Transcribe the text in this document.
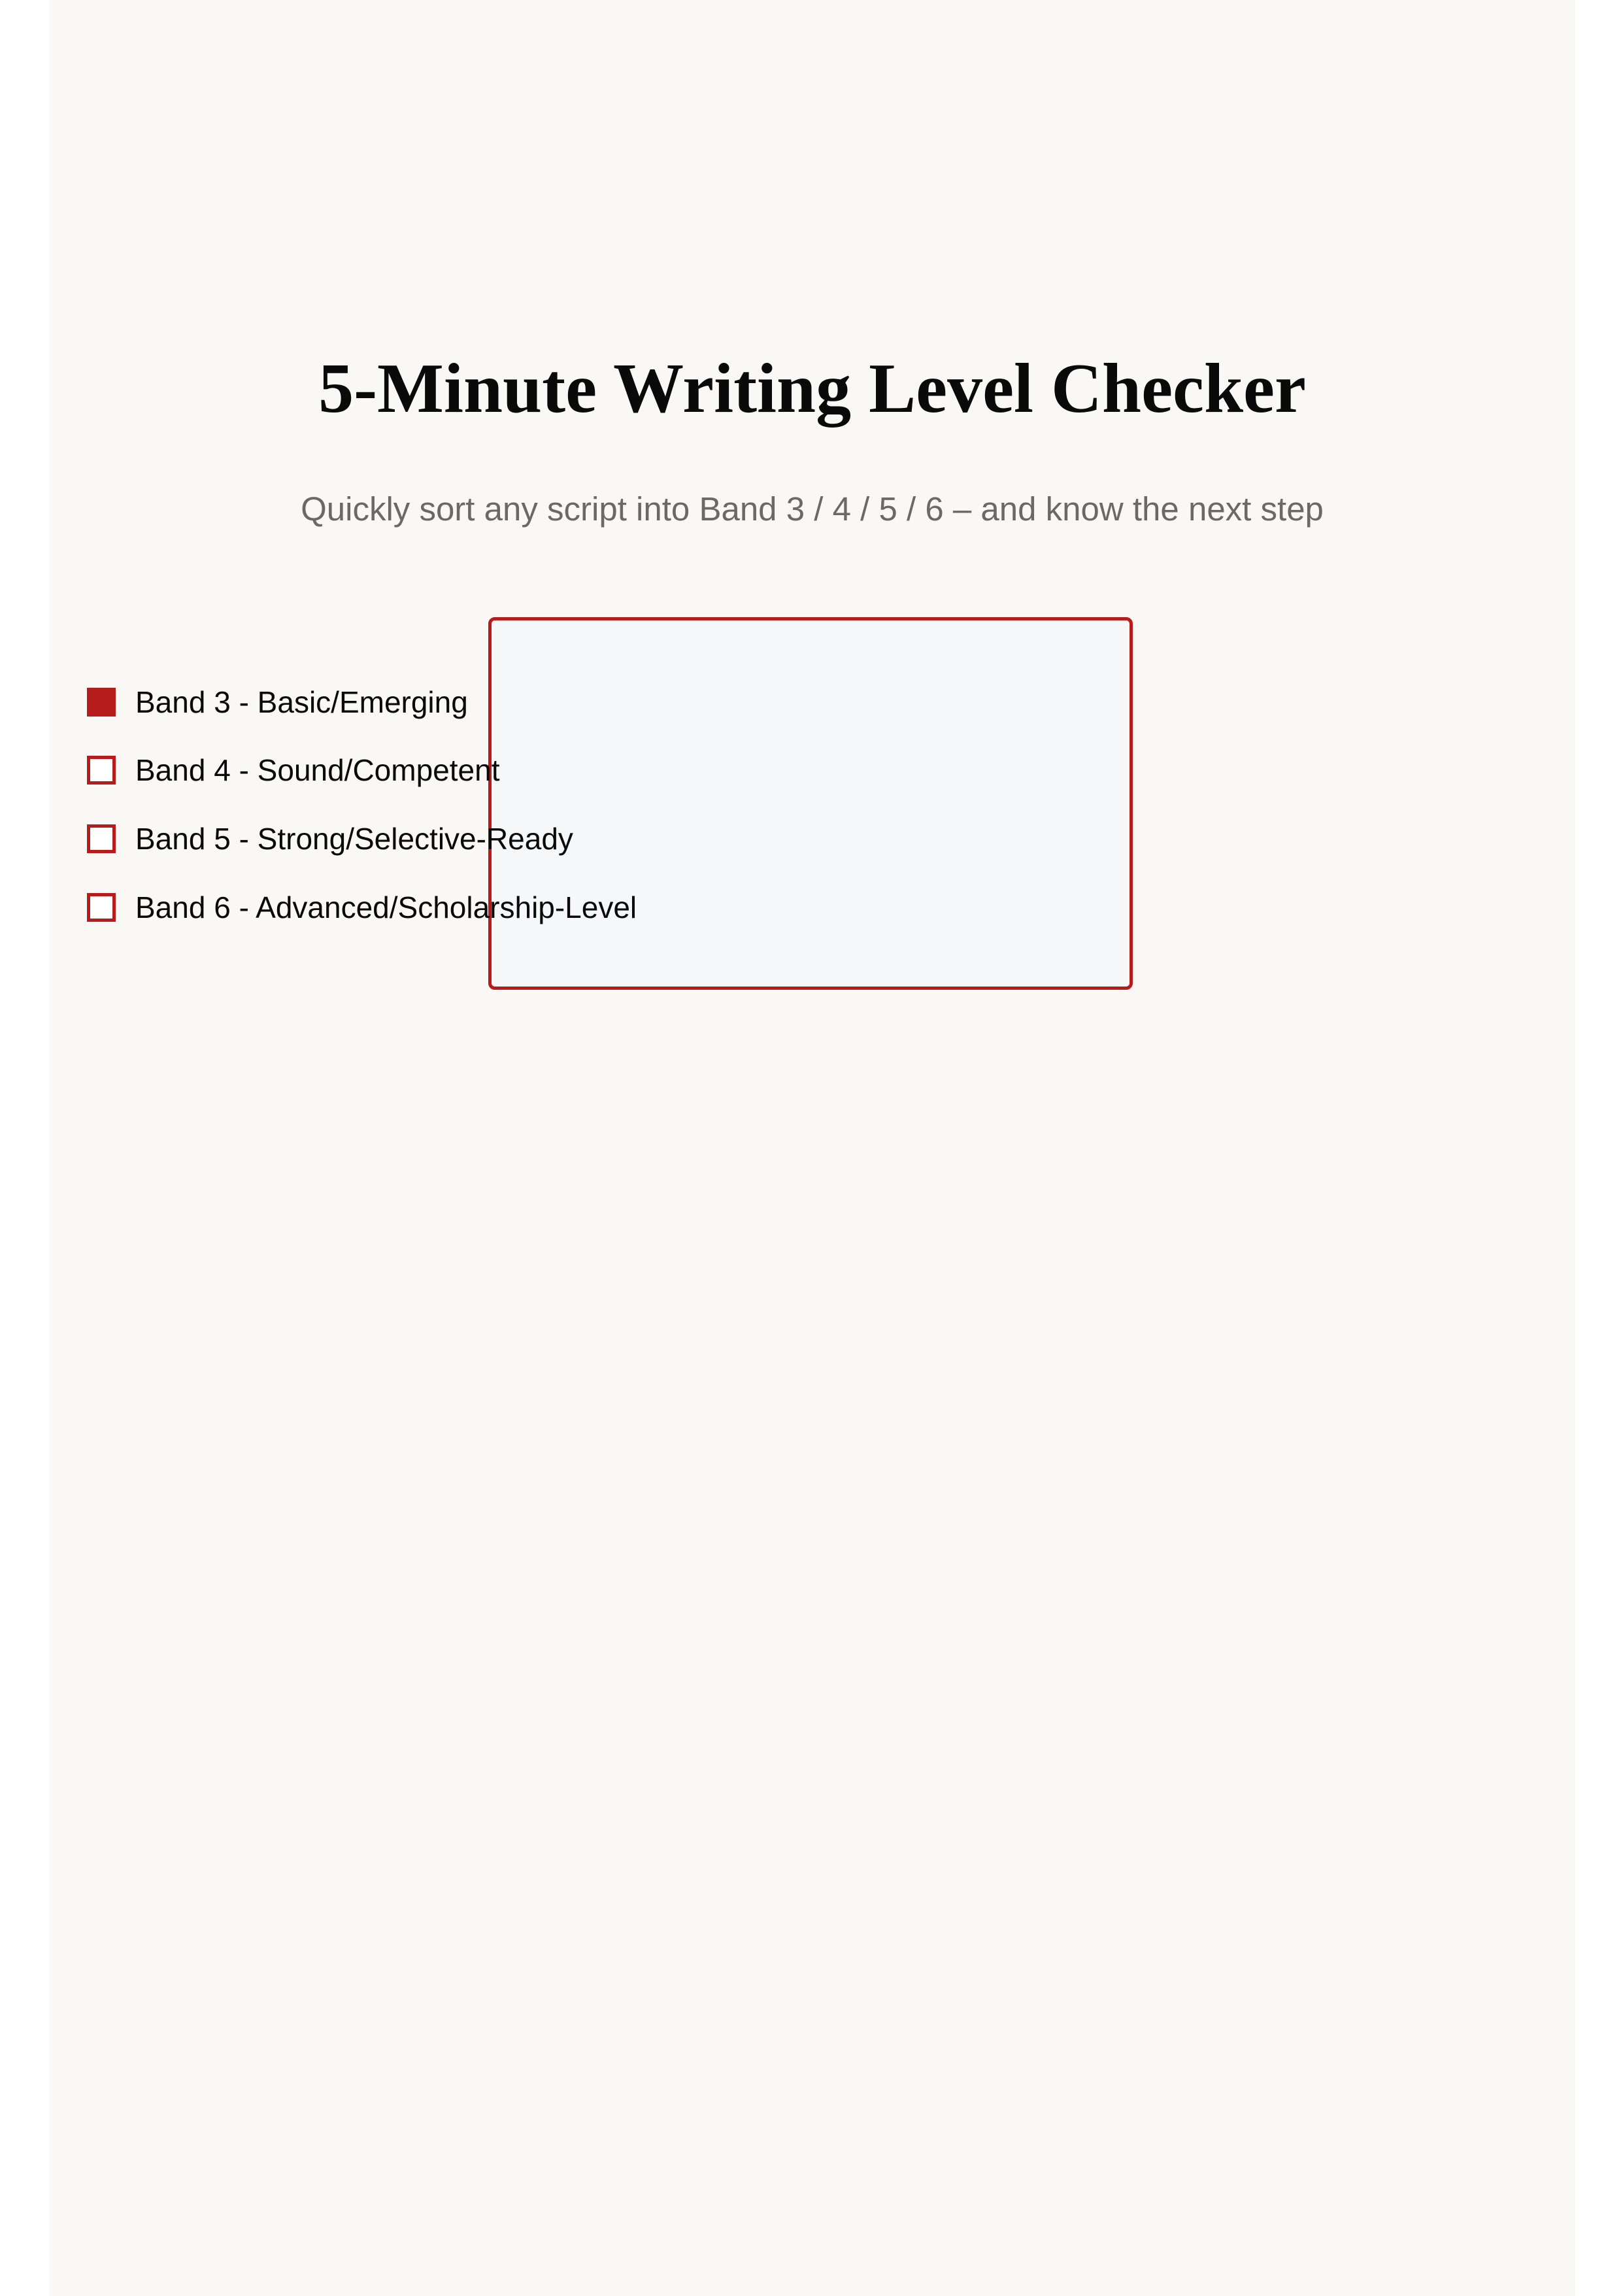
5-Minute Writing Level Checker

Quickly sort any script into Band 3 / 4 / 5 / 6 – and know the next step

Band 3 - Basic/Emerging
Band 4 - Sound/Competent
Band 5 - Strong/Selective-Ready
Band 6 - Advanced/Scholarship-Level
